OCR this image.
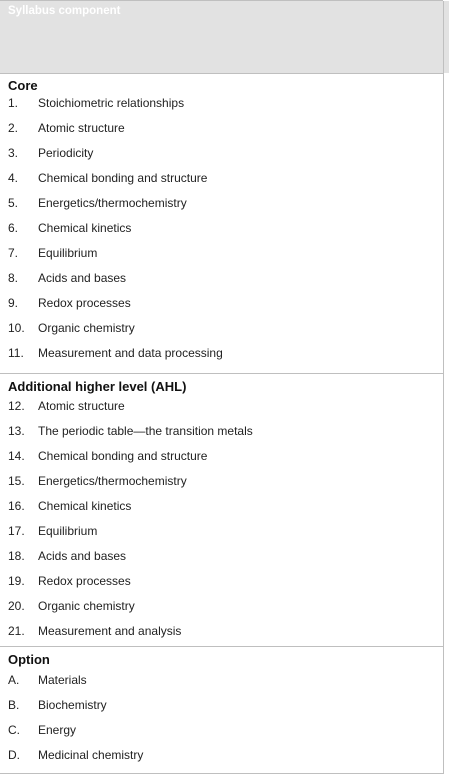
Syllabus component
Core
1. Stoichiometric relationships
2. Atomic structure
3. Periodicity
4. Chemical bonding and structure
5. Energetics/thermochemistry
6. Chemical kinetics
7. Equilibrium
8. Acids and bases
9. Redox processes
10. Organic chemistry
11. Measurement and data processing
Additional higher level (AHL)
12. Atomic structure
13. The periodic table—the transition metals
14. Chemical bonding and structure
15. Energetics/thermochemistry
16. Chemical kinetics
17. Equilibrium
18. Acids and bases
19. Redox processes
20. Organic chemistry
21. Measurement and analysis
Option
A. Materials
B. Biochemistry
C. Energy
D. Medicinal chemistry
